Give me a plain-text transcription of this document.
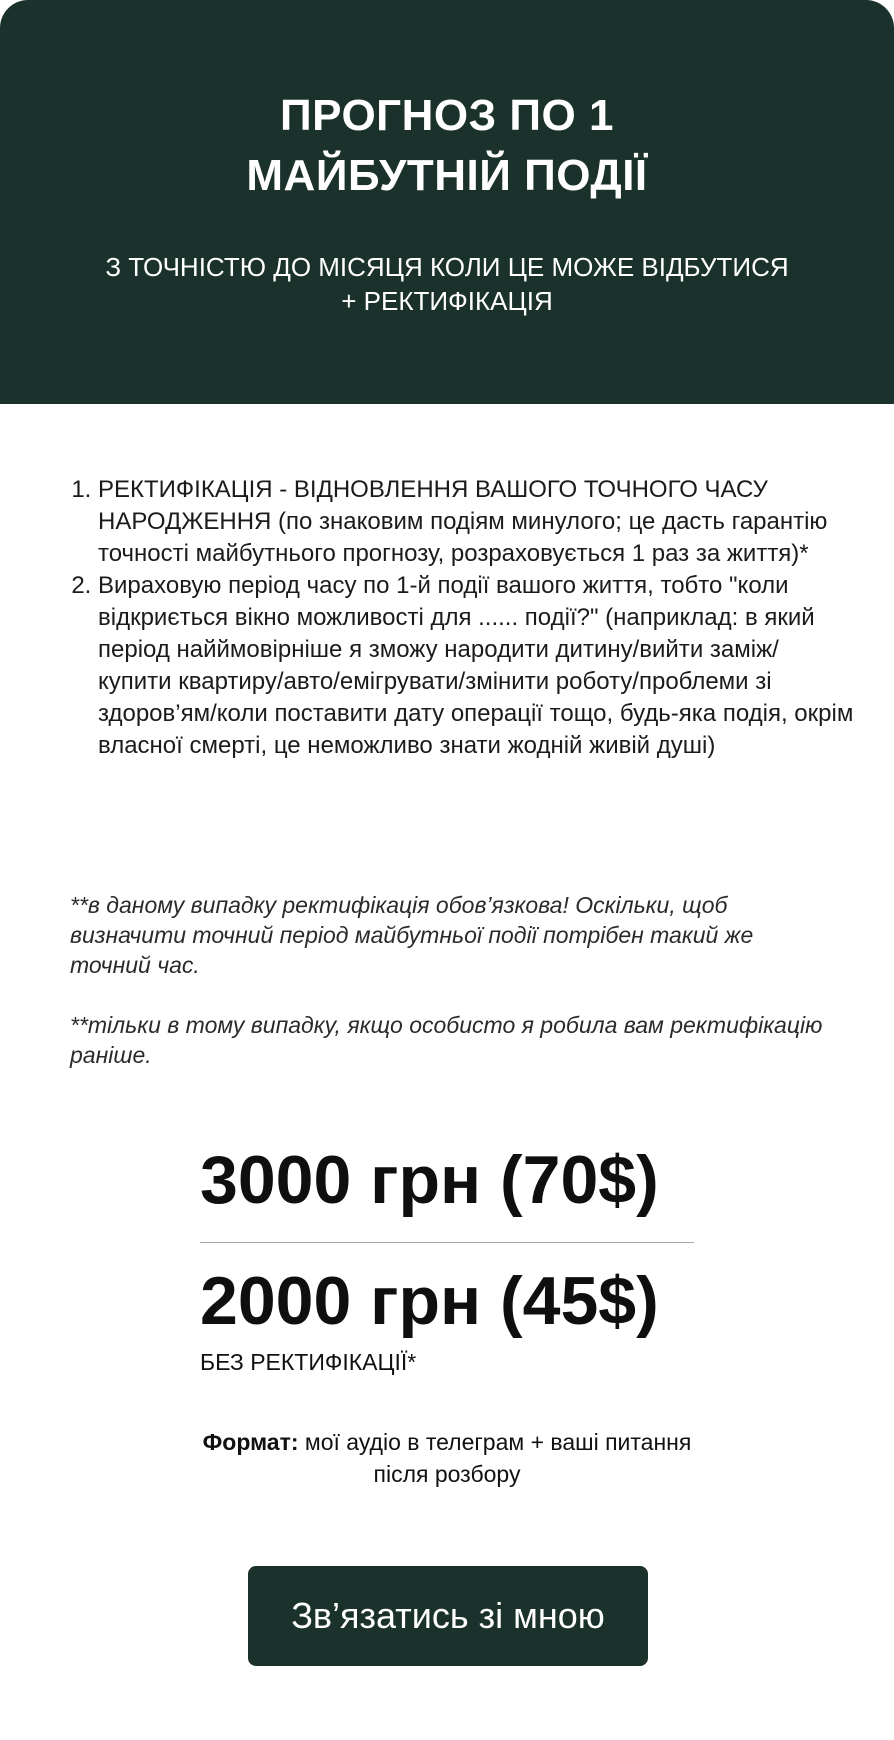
ПРОГНОЗ ПО 1
МАЙБУТНІЙ ПОДІЇ

З ТОЧНІСТЮ ДО МІСЯЦЯ КОЛИ ЦЕ МОЖЕ ВІДБУТИСЯ
+ РЕКТИФІКАЦІЯ

1. РЕКТИФІКАЦІЯ - ВІДНОВЛЕННЯ ВАШОГО ТОЧНОГО ЧАСУ НАРОДЖЕННЯ (по знаковим подіям минулого; це дасть гарантію точності майбутнього прогнозу, розраховується 1 раз за життя)*
2. Вираховую період часу по 1-й події вашого життя, тобто "коли відкриється вікно можливості для ...... події?" (наприклад: в який період найймовірніше я зможу народити дитину/вийти заміж/ купити квартиру/авто/емігрувати/змінити роботу/проблеми зі здоров’ям/коли поставити дату операції тощо, будь-яка подія, окрім власної смерті, це неможливо знати жодній живій душі)

**в даному випадку ректифікація обов’язкова! Оскільки, щоб визначити точний період майбутньої події потрібен такий же точний час.

**тільки в тому випадку, якщо особисто я робила вам ректифікацію раніше.

3000 грн (70$)

2000 грн (45$)

БЕЗ РЕКТИФІКАЦІЇ*

Формат: мої аудіо в телеграм + ваші питання після розбору

Зв’язатись зі мною
